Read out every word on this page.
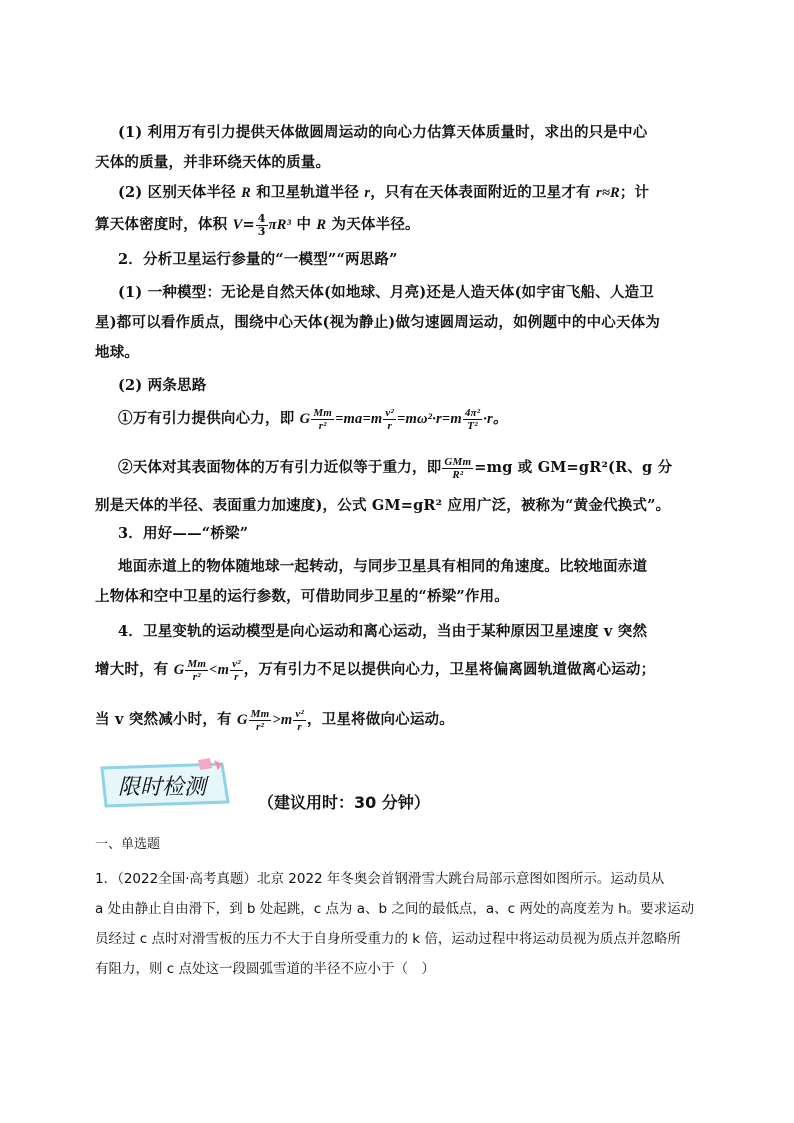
(1) 利用万有引力提供天体做圆周运动的向心力估算天体质量时，求出的只是中心
天体的质量，并非环绕天体的质量。
(2) 区别天体半径 R 和卫星轨道半径 r，只有在天体表面附近的卫星才有 r≈R；计
算天体密度时，体积 $V= \frac{4}{3} \pi R^3$ 中 R 为天体半径。
2．分析卫星运行参量的“一模型”“两思路”
(1) 一种模型：无论是自然天体(如地球、月亮)还是人造天体(如宇宙飞船、人造卫
星)都可以看作质点，围绕中心天体(视为静止)做匀速圆周运动，如例题中的中心天体为
地球。
(2) 两条思路
①万有引力提供向心力，即 G $\frac{Mm}{\text{r²}} =ma=m \frac{\text{v²}}{r} =m\omega^2\cdot r=m \frac{\text{4π²}}{\text{T²}} \cdot r$。
②天体对其表面物体的万有引力近似等于重力，即 $\frac{\text{GMm}}{\text{R²}} =mg$ 或 GM=gR²(R、g 分
别是天体的半径、表面重力加速度)，公式 GM=gR² 应用广泛，被称为“黄金代换式”。
3．用好——“桥梁”
地面赤道上的物体随地球一起转动，与同步卫星具有相同的角速度。比较地面赤道
上物体和空中卫星的运行参数，可借助同步卫星的“桥梁”作用。
4．卫星变轨的运动模型是向心运动和离心运动，当由于某种原因卫星速度 v 突然
增大时，有 G $\frac{Mm}{\text{r²}} <m \frac{\text{v²}}{r}$ ，万有引力不足以提供向心力，卫星将偏离圆轨道做离心运动；
当 v 突然减小时，有 G $\frac{Mm}{\text{r²}} >m \frac{\text{v²}}{r}$ ，卫星将做向心运动。
限时检测
（建议用时：30 分钟）
一、单选题
1．（2022全国·高考真题）北京 2022 年冬奥会首钢滑雪大跳台局部示意图如图所示。运动员从
a 处由静止自由滑下，到 b 处起跳，c 点为 a、b 之间的最低点，a、c 两处的高度差为 h。要求运动
员经过 c 点时对滑雪板的压力不大于自身所受重力的 k 倍，运动过程中将运动员视为质点并忽略所
有阻力，则 c 点处这一段圆弧雪道的半径不应小于（　）
